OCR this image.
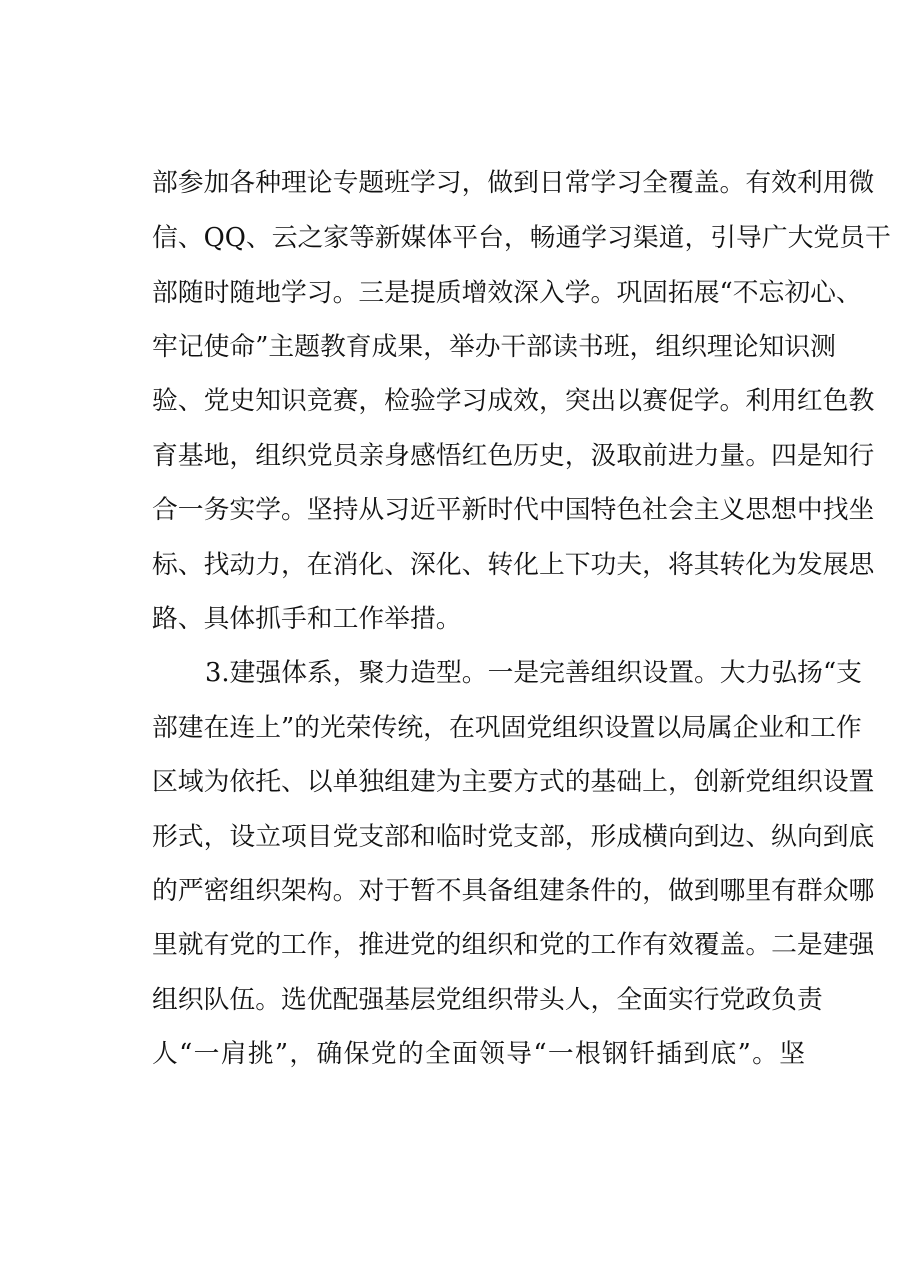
部参加各种理论专题班学习，做到日常学习全覆盖。有效利用微
信、QQ、云之家等新媒体平台，畅通学习渠道，引导广大党员干
部随时随地学习。三是提质增效深入学。巩固拓展“不忘初心、
牢记使命”主题教育成果，举办干部读书班，组织理论知识测
验、党史知识竞赛，检验学习成效，突出以赛促学。利用红色教
育基地，组织党员亲身感悟红色历史，汲取前进力量。四是知行
合一务实学。坚持从习近平新时代中国特色社会主义思想中找坐
标、找动力，在消化、深化、转化上下功夫，将其转化为发展思
路、具体抓手和工作举措。
3.建强体系，聚力造型。一是完善组织设置。大力弘扬“支
部建在连上”的光荣传统，在巩固党组织设置以局属企业和工作
区域为依托、以单独组建为主要方式的基础上，创新党组织设置
形式，设立项目党支部和临时党支部，形成横向到边、纵向到底
的严密组织架构。对于暂不具备组建条件的，做到哪里有群众哪
里就有党的工作，推进党的组织和党的工作有效覆盖。二是建强
组织队伍。选优配强基层党组织带头人，全面实行党政负责
人“一肩挑”，确保党的全面领导“一根钢钎插到底”。坚
